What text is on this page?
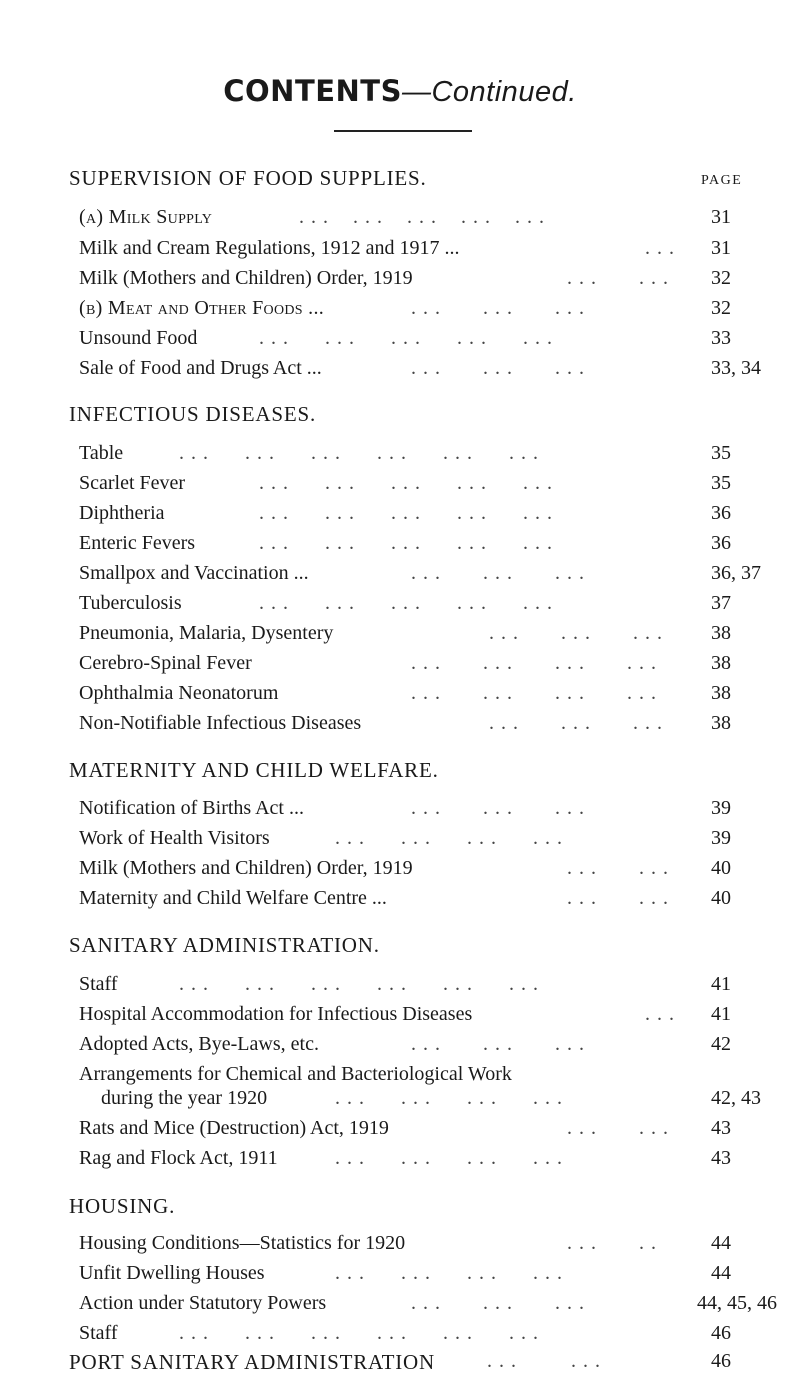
CONTENTS—Continued.
PAGE
SUPERVISION OF FOOD SUPPLIES.
(a) Milk Supply	. . .    . . .    . . .    . . .    . . .	31
Milk and Cream Regulations, 1912 and 1917 ...	. . . 31
Milk (Mothers and Children) Order, 1919	. . .       . . . 32
(b) Meat and Other Foods ...	. . .       . . .       . . .	32
Unsound Food	. . .      . . .      . . .      . . .      . . .	33
Sale of Food and Drugs Act ...	. . .       . . .       . . .	33, 34
INFECTIOUS DISEASES.
Table	. . .      . . .      . . .      . . .      . . .      . . .	35
Scarlet Fever	. . .      . . .      . . .      . . .      . . .	35
Diphtheria	. . .      . . .      . . .      . . .      . . .	36
Enteric Fevers	. . .      . . .      . . .      . . .      . . .	36
Smallpox and Vaccination ...	. . .       . . .       . . .	36, 37
Tuberculosis	. . .      . . .      . . .      . . .      . . .	37
Pneumonia, Malaria, Dysentery	. . .       . . .       . . . 38
Cerebro-Spinal Fever	. . .       . . .       . . .       . . .	38
Ophthalmia Neonatorum	. . .       . . .       . . .       . . .	38
Non-Notifiable Infectious Diseases	. . .       . . .       . . . 38
MATERNITY AND CHILD WELFARE.
Notification of Births Act ...	. . .       . . .       . . .	39
Work of Health Visitors	. . .      . . .      . . .      . . .	39
Milk (Mothers and Children) Order, 1919	. . .       . . . 40
Maternity and Child Welfare Centre ...	. . .       . . . 40
SANITARY ADMINISTRATION.
Staff	. . .      . . .      . . .      . . .      . . .      . . .	41
Hospital Accommodation for Infectious Diseases	. . . 41
Adopted Acts, Bye-Laws, etc.	. . .       . . .       . . .	42
Arrangements for Chemical and Bacteriological Work
during the year 1920	. . .      . . .      . . .      . . .	42, 43
Rats and Mice (Destruction) Act, 1919	. . .       . . . 43
Rag and Flock Act, 1911	. . .      . . .      . . .      . . .	43
HOUSING.
Housing Conditions—Statistics for 1920	. . .       . .	44
Unfit Dwelling Houses	. . .      . . .      . . .      . . .	44
Action under Statutory Powers	. . .       . . .       . . .	44, 45, 46
Staff	. . .      . . .      . . .      . . .      . . .      . . .	46
PORT SANITARY ADMINISTRATION	. . .         . . .	46
